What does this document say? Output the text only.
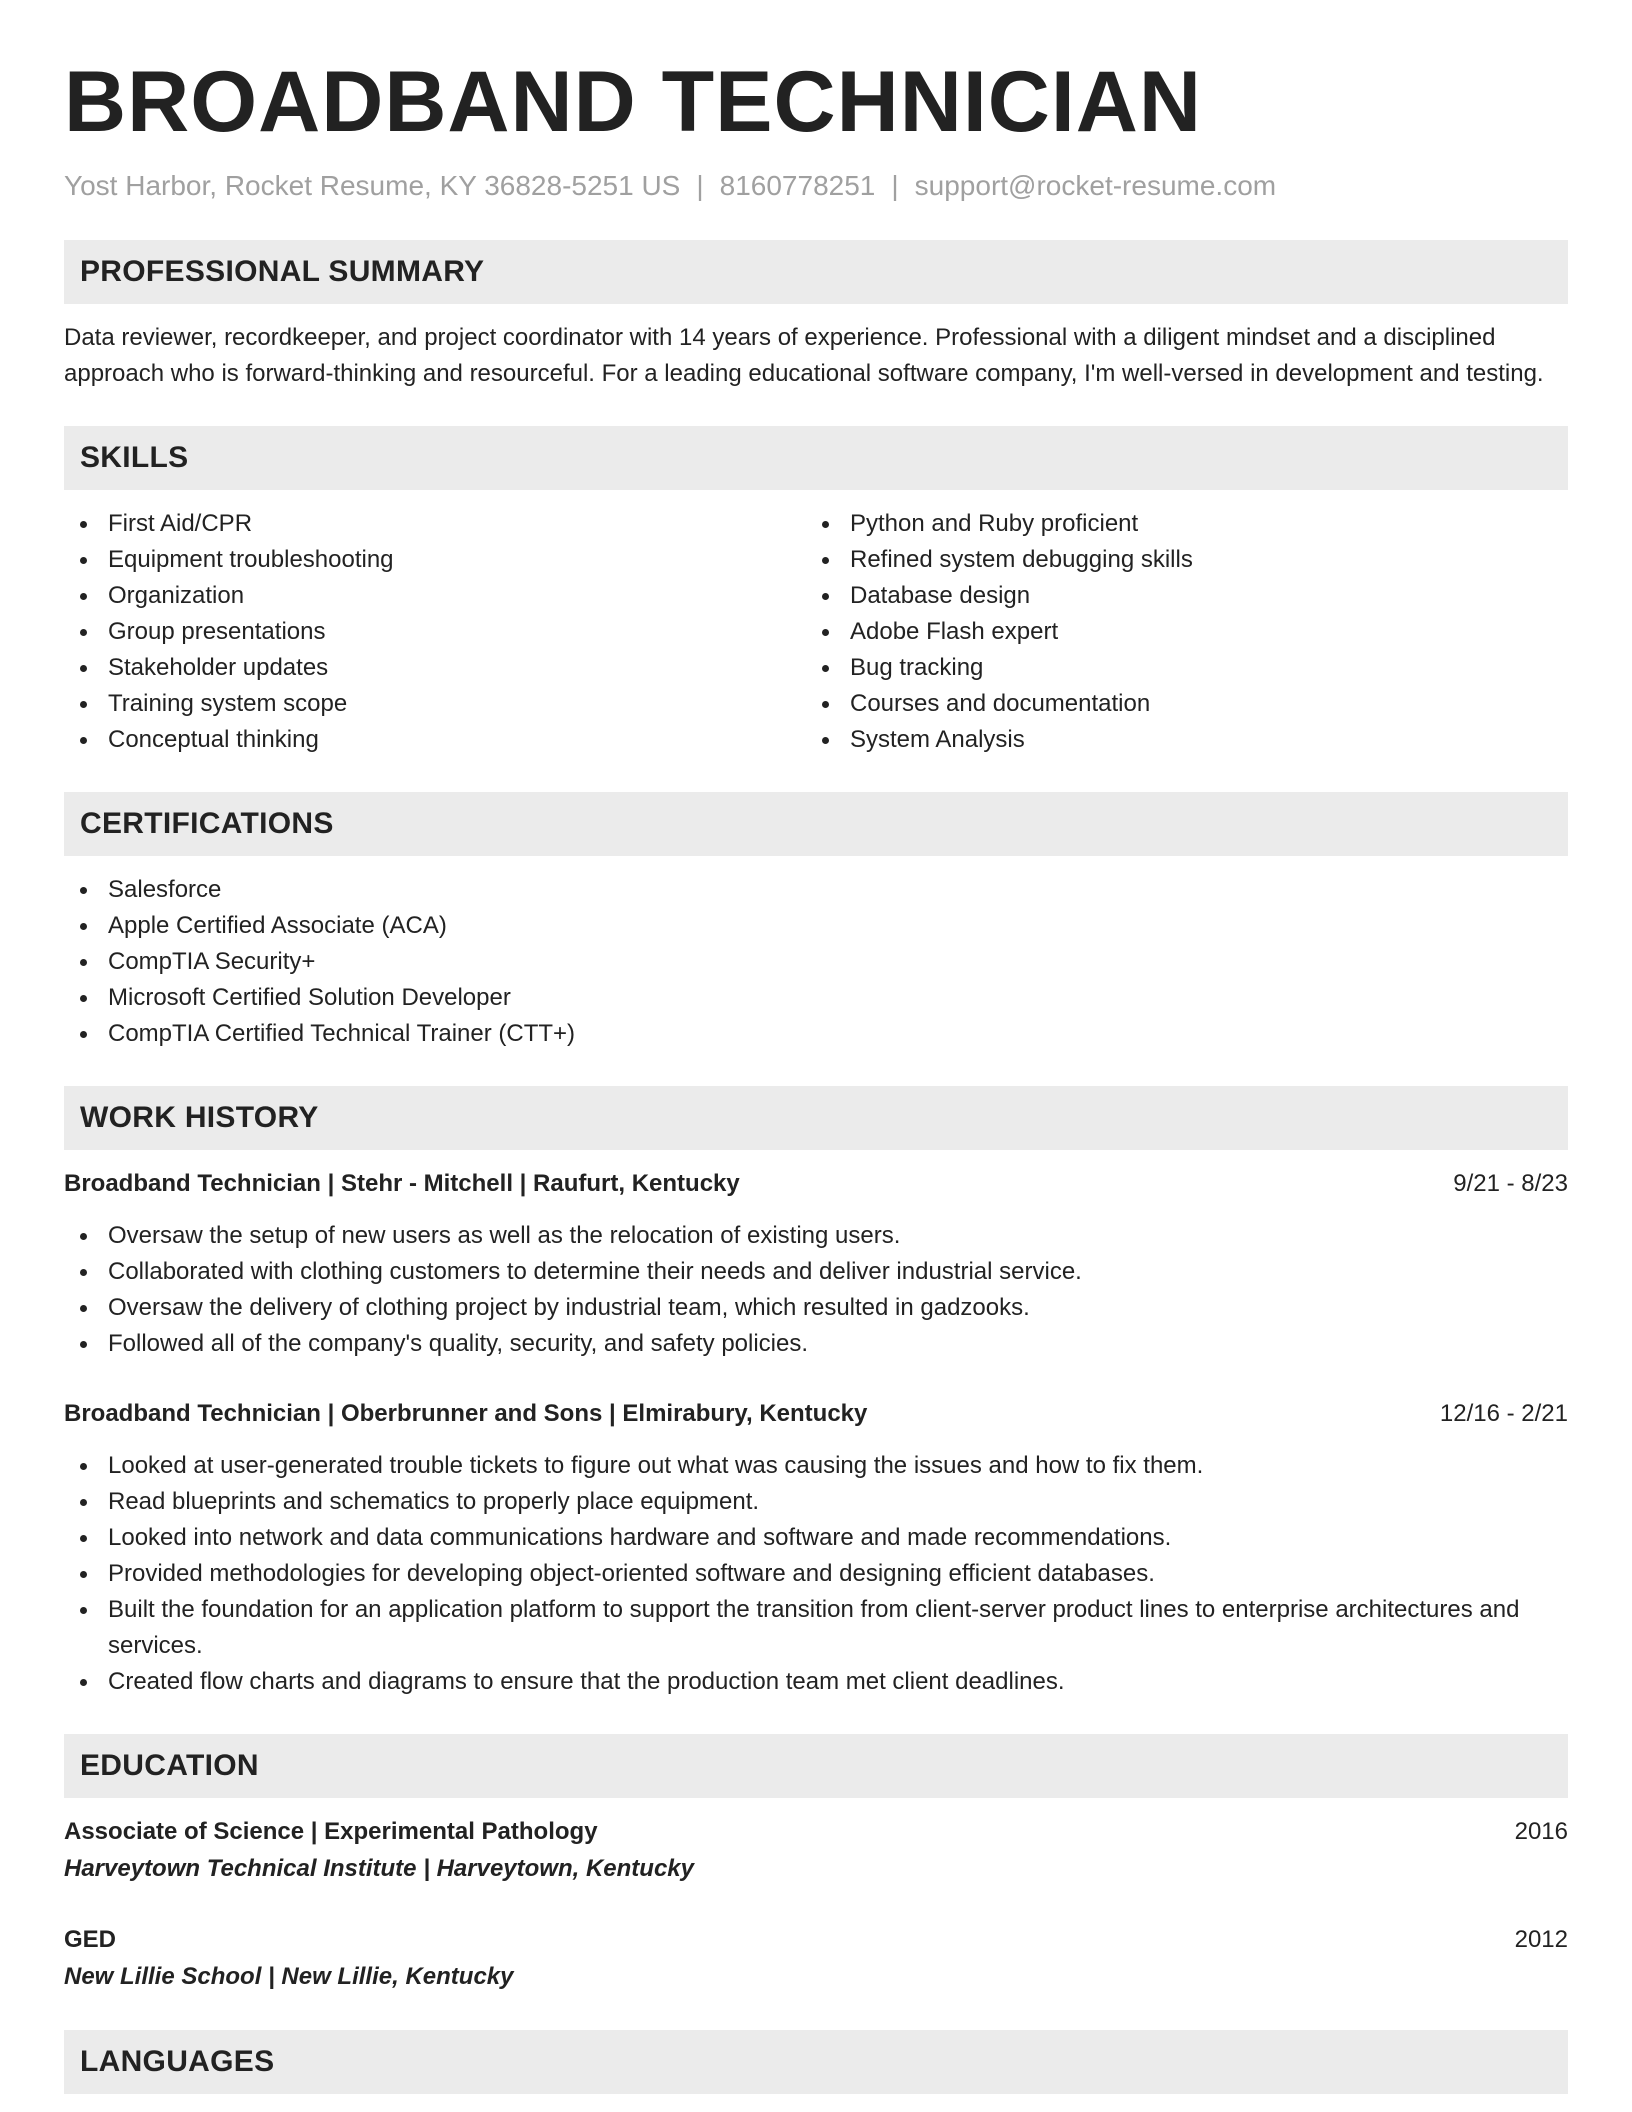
BROADBAND TECHNICIAN
Yost Harbor, Rocket Resume, KY 36828-5251 US | 8160778251 | support@rocket-resume.com
PROFESSIONAL SUMMARY

Data reviewer, recordkeeper, and project coordinator with 14 years of experience. Professional with a diligent mindset and a disciplined approach who is forward-thinking and resourceful. For a leading educational software company, I'm well-versed in development and testing.

SKILLS
First Aid/CPR
Equipment troubleshooting
Organization
Group presentations
Stakeholder updates
Training system scope
Conceptual thinking
Python and Ruby proficient
Refined system debugging skills
Database design
Adobe Flash expert
Bug tracking
Courses and documentation
System Analysis
CERTIFICATIONS
Salesforce
Apple Certified Associate (ACA)
CompTIA Security+
Microsoft Certified Solution Developer
CompTIA Certified Technical Trainer (CTT+)
WORK HISTORY
Broadband Technician | Stehr - Mitchell | Raufurt, Kentucky	9/21 - 8/23
Oversaw the setup of new users as well as the relocation of existing users.
Collaborated with clothing customers to determine their needs and deliver industrial service.
Oversaw the delivery of clothing project by industrial team, which resulted in gadzooks.
Followed all of the company's quality, security, and safety policies.
Broadband Technician | Oberbrunner and Sons | Elmirabury, Kentucky	12/16 - 2/21
Looked at user-generated trouble tickets to figure out what was causing the issues and how to fix them.
Read blueprints and schematics to properly place equipment.
Looked into network and data communications hardware and software and made recommendations.
Provided methodologies for developing object-oriented software and designing efficient databases.
Built the foundation for an application platform to support the transition from client-server product lines to enterprise architectures and services.
Created flow charts and diagrams to ensure that the production team met client deadlines.
EDUCATION
Associate of Science | Experimental Pathology	2016
Harveytown Technical Institute | Harveytown, Kentucky
GED	2012
New Lillie School | New Lillie, Kentucky
LANGUAGES
